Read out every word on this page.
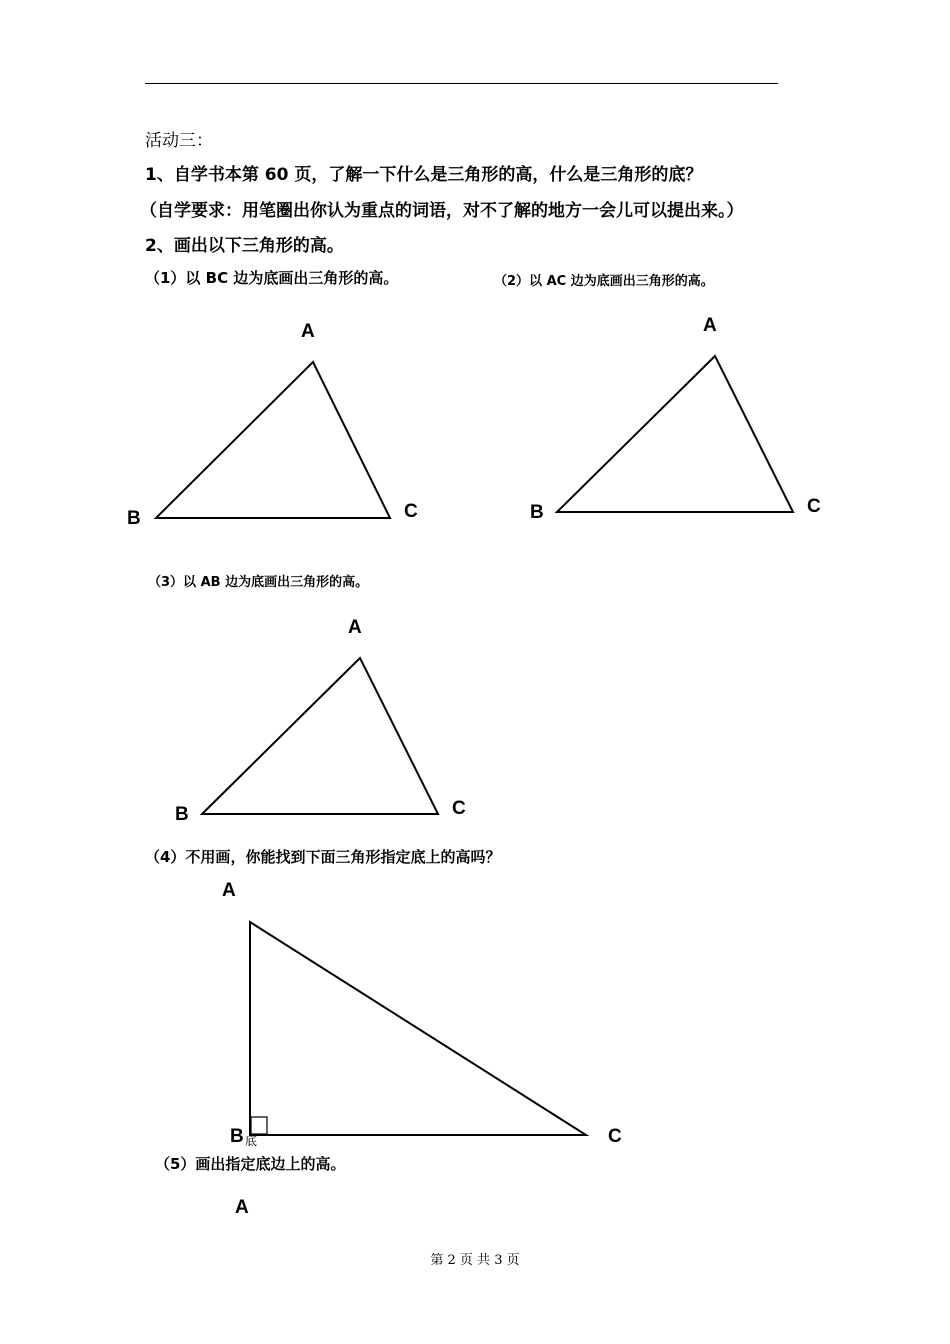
活动三：
1、自学书本第 60 页，了解一下什么是三角形的高，什么是三角形的底？
（自学要求：用笔圈出你认为重点的词语，对不了解的地方一会儿可以提出来。）
2、画出以下三角形的高。
（1）以 BC 边为底画出三角形的高。	（2）以 AC 边为底画出三角形的高。
（3）以 AB 边为底画出三角形的高。
（4）不用画，你能找到下面三角形指定底上的高吗？
（5）画出指定底边上的高。
A
B	C
A
B	C
A
B	C
A
B 底	C
A
第 2 页 共 3 页
